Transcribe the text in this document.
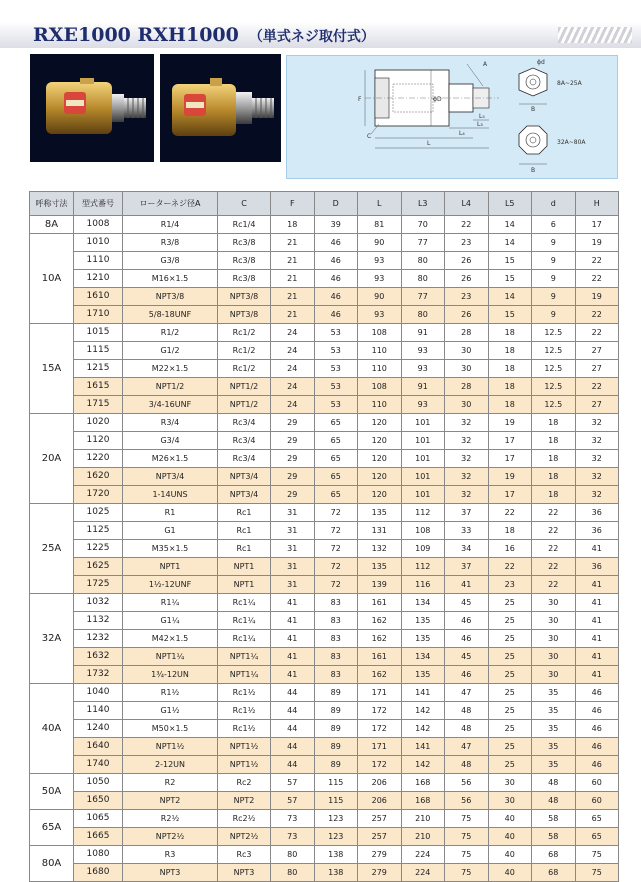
RXE1000 RXH1000 （単式ネジ取付式）
A
ϕD
F
L₃
L₄
L₅
L
C
B
ϕd
8A~25A
B
32A~80A
呼称寸法	型式番号	ローターネジ径A	C	F	D	L	L3	L4	L5	d	H
8A	1008	R1/4	Rc1/4	18	39	81	70	22	14	6	17
10A	1010	R3/8	Rc3/8	21	46	90	77	23	14	9	19
	1110	G3/8	Rc3/8	21	46	93	80	26	15	9	22
	1210	M16×1.5	Rc3/8	21	46	93	80	26	15	9	22
	1610	NPT3/8	NPT3/8	21	46	90	77	23	14	9	19
	1710	5/8-18UNF	NPT3/8	21	46	93	80	26	15	9	22
15A	1015	R1/2	Rc1/2	24	53	108	91	28	18	12.5	22
	1115	G1/2	Rc1/2	24	53	110	93	30	18	12.5	27
	1215	M22×1.5	Rc1/2	24	53	110	93	30	18	12.5	27
	1615	NPT1/2	NPT1/2	24	53	108	91	28	18	12.5	22
	1715	3/4-16UNF	NPT1/2	24	53	110	93	30	18	12.5	27
20A	1020	R3/4	Rc3/4	29	65	120	101	32	19	18	32
	1120	G3/4	Rc3/4	29	65	120	101	32	17	18	32
	1220	M26×1.5	Rc3/4	29	65	120	101	32	17	18	32
	1620	NPT3/4	NPT3/4	29	65	120	101	32	19	18	32
	1720	1-14UNS	NPT3/4	29	65	120	101	32	17	18	32
25A	1025	R1	Rc1	31	72	135	112	37	22	22	36
	1125	G1	Rc1	31	72	131	108	33	18	22	36
	1225	M35×1.5	Rc1	31	72	132	109	34	16	22	41
	1625	NPT1	NPT1	31	72	135	112	37	22	22	36
	1725	1½-12UNF	NPT1	31	72	139	116	41	23	22	41
32A	1032	R1¼	Rc1¼	41	83	161	134	45	25	30	41
	1132	G1¼	Rc1¼	41	83	162	135	46	25	30	41
	1232	M42×1.5	Rc1¼	41	83	162	135	46	25	30	41
	1632	NPT1¼	NPT1¼	41	83	161	134	45	25	30	41
	1732	1¾-12UN	NPT1¼	41	83	162	135	46	25	30	41
40A	1040	R1½	Rc1½	44	89	171	141	47	25	35	46
	1140	G1½	Rc1½	44	89	172	142	48	25	35	46
	1240	M50×1.5	Rc1½	44	89	172	142	48	25	35	46
	1640	NPT1½	NPT1½	44	89	171	141	47	25	35	46
	1740	2-12UN	NPT1½	44	89	172	142	48	25	35	46
50A	1050	R2	Rc2	57	115	206	168	56	30	48	60
	1650	NPT2	NPT2	57	115	206	168	56	30	48	60
65A	1065	R2½	Rc2½	73	123	257	210	75	40	58	65
	1665	NPT2½	NPT2½	73	123	257	210	75	40	58	65
80A	1080	R3	Rc3	80	138	279	224	75	40	68	75
	1680	NPT3	NPT3	80	138	279	224	75	40	68	75
